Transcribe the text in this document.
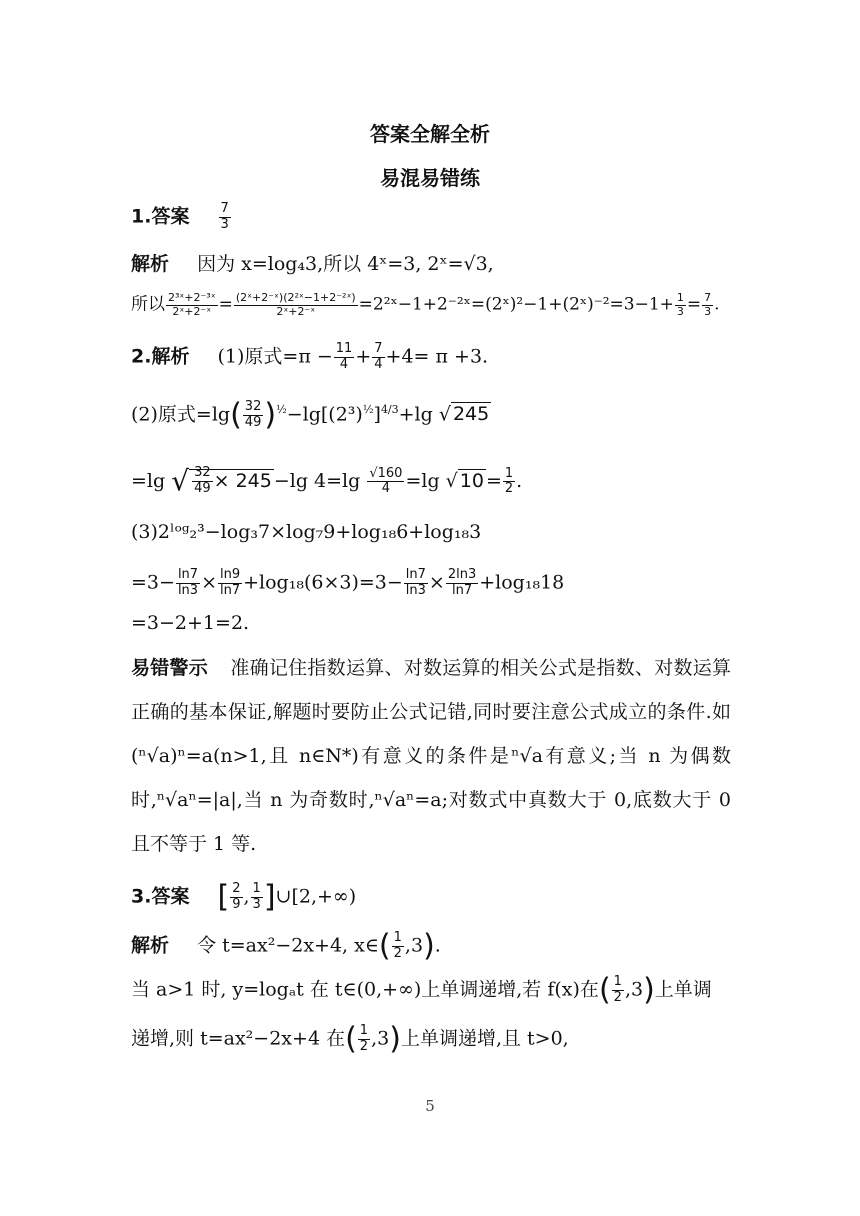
答案全解全析
易混易错练
1.答案 $\frac{7}{3}$
解析 因为 x=log₄3,所以 4ˣ=3, 2ˣ=√3,
所以 $\frac{\text{2³ˣ+2⁻³ˣ}}{\text{2ˣ+2⁻ˣ}} = \frac{\text{(2ˣ+2⁻ˣ)(2²ˣ−1+2⁻²ˣ)}}{\text{2ˣ+2⁻ˣ}}$ =2²ˣ−1+2⁻²ˣ=(2ˣ)²−1+(2ˣ)⁻²=3−1+ $\frac{1}{3} = \frac{7}{3}$ .
2.解析 (1)原式$=\pi - \frac{11}{4} + \frac{7}{4} +4= \pi +3$.
(2)原式$=\lg( \frac{32}{49} )^{\frac{1}{2}}-\lg[(2^3)^{\frac{1}{2}}]^{4/3}+\lg$ √ 245
=lg √ $\frac{32}{49} \times 245 -\lg$ $4=\lg \frac{√160}{4} =\lg$ √ $10 = \frac{1}{2}$ .
(3)2ˡᵒᵍ₂³−log₃7×log₇9+log₁₈6+log₁₈3
$=3- \frac{\ln 7}{\ln 3} \times \frac{\ln 9}{\ln 7} +\log_{18}(6\times 3)=3- \frac{\ln 7}{\ln 3} \times \frac{2\ln 3}{\ln 7} +\log_{18}18$
=3−2+1=2.
易错警示 准确记住指数运算、对数运算的相关公式是指数、对数运算正确的基本保证,解题时要防止公式记错,同时要注意公式成立的条件.如(ⁿ√a)ⁿ=a(n>1,且 n∈N*)有意义的条件是ⁿ√a有意义;当 n 为偶数时,ⁿ√aⁿ=|a|,当 n 为奇数时,ⁿ√aⁿ=a;对数式中真数大于 0,底数大于 0 且不等于 1 等.
3.答案 [ $\frac{2}{9}$ , $\frac{1}{3}$ ]∪[2,+∞)
解析 令 t=ax²−2x+4, x∈( $\frac{1}{2} ,3$).
当 a>1 时, y=logₐt 在 t∈(0,+∞)上单调递增,若 f(x)在( $\frac{1}{2} ,3$)上单调
递增,则 t=ax²−2x+4 在( $\frac{1}{2} ,3$)上单调递增,且 t>0,
5
